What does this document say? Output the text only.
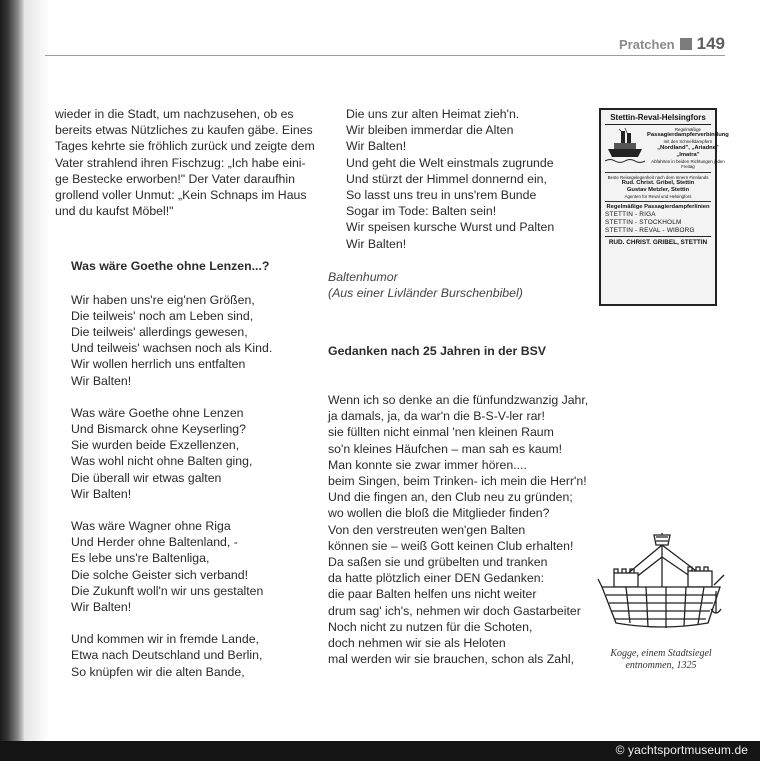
Pratchen 149

wieder in die Stadt, um nachzusehen, ob es
bereits etwas Nützliches zu kaufen gäbe. Eines
Tages kehrte sie fröhlich zurück und zeigte dem
Vater strahlend ihren Fischzug: „Ich habe eini-
ge Bestecke erworben!" Der Vater daraufhin
grollend voller Unmut: „Kein Schnaps im Haus
und du kaufst Möbel!"

Was wäre Goethe ohne Lenzen...?

Wir haben uns're eig'nen Größen,
Die teilweis' noch am Leben sind,
Die teilweis' allerdings gewesen,
Und teilweis' wachsen noch als Kind.
Wir wollen herrlich uns entfalten
Wir Balten!

Was wäre Goethe ohne Lenzen
Und Bismarck ohne Keyserling?
Sie wurden beide Exzellenzen,
Was wohl nicht ohne Balten ging,
Die überall wir etwas galten
Wir Balten!

Was wäre Wagner ohne Riga
Und Herder ohne Baltenland, -
Es lebe uns're Baltenliga,
Die solche Geister sich verband!
Die Zukunft woll'n wir uns gestalten
Wir Balten!

Und kommen wir in fremde Lande,
Etwa nach Deutschland und Berlin,
So knüpfen wir die alten Bande,

Die uns zur alten Heimat zieh'n.
Wir bleiben immerdar die Alten
Wir Balten!
Und geht die Welt einstmals zugrunde
Und stürzt der Himmel donnernd ein,
So lasst uns treu in uns'rem Bunde
Sogar im Tode: Balten sein!
Wir speisen kursche Wurst und Palten
Wir Balten!

Baltenhumor
(Aus einer Livländer Burschenbibel)

Gedanken nach 25 Jahren in der BSV

Wenn ich so denke an die fünfundzwanzig Jahr,
ja damals, ja, da war'n die B-S-V-ler rar!
sie füllten nicht einmal 'nen kleinen Raum
so'n kleines Häufchen – man sah es kaum!
Man konnte sie zwar immer hören....
beim Singen, beim Trinken- ich mein die Herr'n!
Und die fingen an, den Club neu zu gründen;
wo wollen die bloß die Mitglieder finden?
Von den verstreuten wen'gen Balten
können sie – weiß Gott keinen Club erhalten!
Da saßen sie und grübelten und tranken
da hatte plötzlich einer DEN Gedanken:
die paar Balten helfen uns nicht weiter
drum sag' ich's, nehmen wir doch Gastarbeiter
Noch nicht zu nutzen für die Schoten,
doch nehmen wir sie als Heloten
mal werden wir sie brauchen, schon als Zahl,

Stettin-Reval-Helsingfors
Regelmäßige
Passagierdampferverbindung
mit den Schnelldampfern
„Nordland", „Ariadne" „Imatra"
Abfahrten in beiden Richtungen jeden Freitag
Beste Reisegelegenheit nach dem Innern Finnlands
Rud. Christ. Gribel, Stettin
Gustav Metzler, Stettin
Agenten für Reval und Helsingfors
Regelmäßige Passagierdampferlinien
STETTIN - RIGA
STETTIN - STOCKHOLM
STETTIN - REVAL - WIBORG
RUD. CHRIST. GRIBEL, STETTIN
Kogge, einem Stadtsiegel
entnommen, 1325
© yachtsportmuseum.de
